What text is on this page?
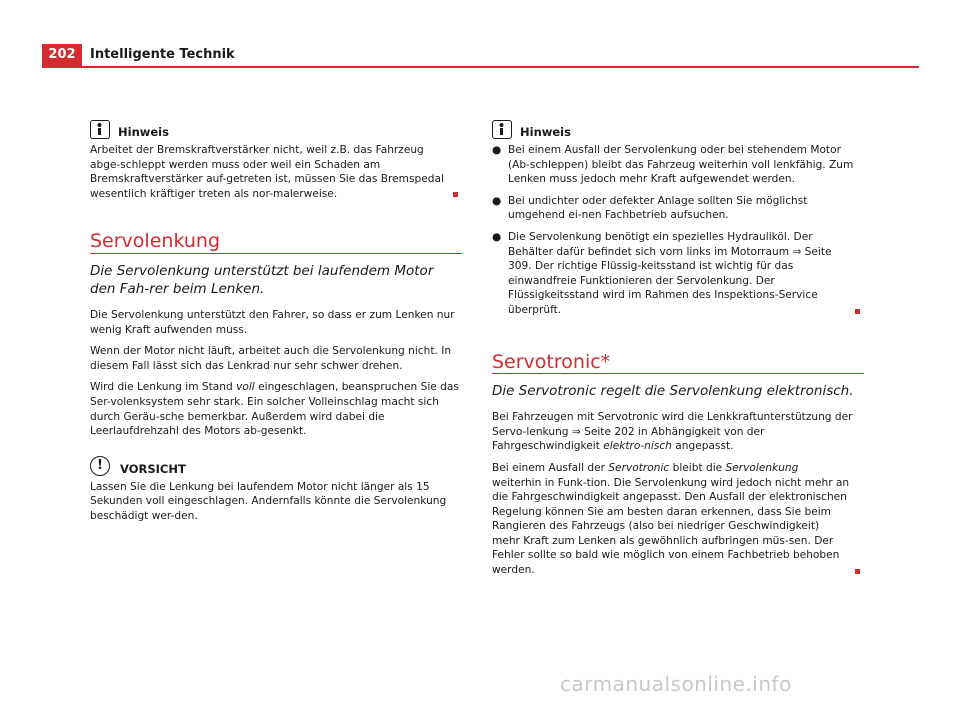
202	Intelligente Technik
Hinweis

Arbeitet der Bremskraftverstärker nicht, weil z.B. das Fahrzeug abge-schleppt werden muss oder weil ein Schaden am Bremskraftverstärker auf-getreten ist, müssen Sie das Bremspedal wesentlich kräftiger treten als nor-malerweise.

Servolenkung
Die Servolenkung unterstützt bei laufendem Motor den Fah-rer beim Lenken.

Die Servolenkung unterstützt den Fahrer, so dass er zum Lenken nur wenig Kraft aufwenden muss.

Wenn der Motor nicht läuft, arbeitet auch die Servolenkung nicht. In diesem Fall lässt sich das Lenkrad nur sehr schwer drehen.

Wird die Lenkung im Stand voll eingeschlagen, beanspruchen Sie das Ser-volenksystem sehr stark. Ein solcher Volleinschlag macht sich durch Geräu-sche bemerkbar. Außerdem wird dabei die Leerlaufdrehzahl des Motors ab-gesenkt.

!	VORSICHT

Lassen Sie die Lenkung bei laufendem Motor nicht länger als 15 Sekunden voll eingeschlagen. Andernfalls könnte die Servolenkung beschädigt wer-den.

Hinweis
● Bei einem Ausfall der Servolenkung oder bei stehendem Motor (Ab-schleppen) bleibt das Fahrzeug weiterhin voll lenkfähig. Zum Lenken muss jedoch mehr Kraft aufgewendet werden.
● Bei undichter oder defekter Anlage sollten Sie möglichst umgehend ei-nen Fachbetrieb aufsuchen.
● Die Servolenkung benötigt ein spezielles Hydrauliköl. Der Behälter dafür befindet sich vorn links im Motorraum ⇒ Seite 309. Der richtige Flüssig-keitsstand ist wichtig für das einwandfreie Funktionieren der Servolenkung. Der Flüssigkeitsstand wird im Rahmen des Inspektions-Service überprüft.
Servotronic*
Die Servotronic regelt die Servolenkung elektronisch.

Bei Fahrzeugen mit Servotronic wird die Lenkkraftunterstützung der Servo-lenkung ⇒ Seite 202 in Abhängigkeit von der Fahrgeschwindigkeit elektro-nisch angepasst.

Bei einem Ausfall der Servotronic bleibt die Servolenkung weiterhin in Funk-tion. Die Servolenkung wird jedoch nicht mehr an die Fahrgeschwindigkeit angepasst. Den Ausfall der elektronischen Regelung können Sie am besten daran erkennen, dass Sie beim Rangieren des Fahrzeugs (also bei niedriger Geschwindigkeit) mehr Kraft zum Lenken als gewöhnlich aufbringen müs-sen. Der Fehler sollte so bald wie möglich von einem Fachbetrieb behoben werden.

carmanualsonline.info
